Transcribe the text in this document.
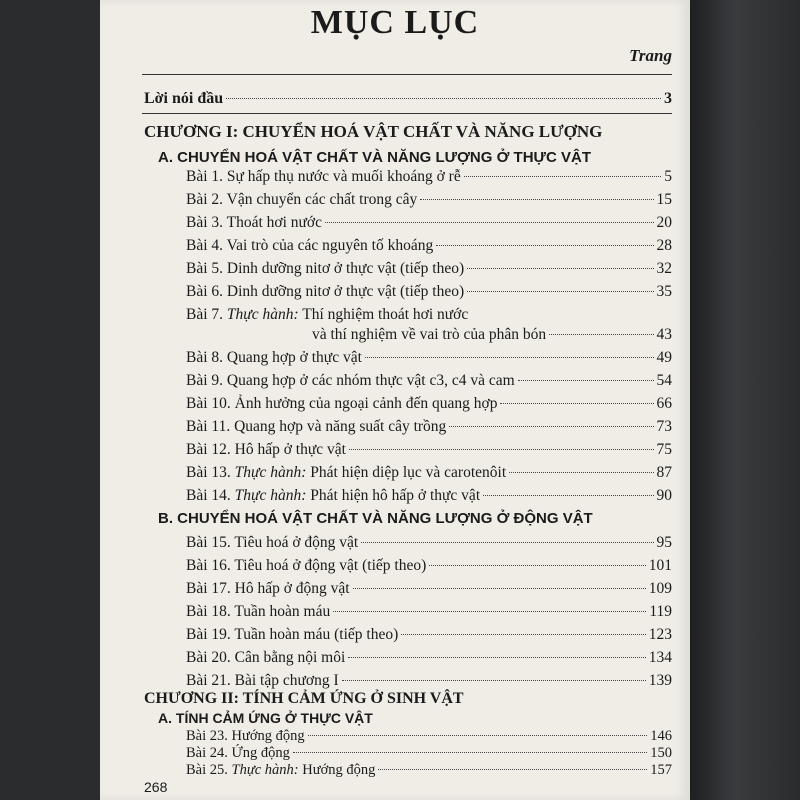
MỤC LỤC
Trang
Lời nói đầu	3
CHƯƠNG I: CHUYỂN HOÁ VẬT CHẤT VÀ NĂNG LƯỢNG
A. CHUYỂN HOÁ VẬT CHẤT VÀ NĂNG LƯỢNG Ở THỰC VẬT
Bài 1. Sự hấp thụ nước và muối khoáng ở rễ	5
Bài 2. Vận chuyển các chất trong cây	15
Bài 3. Thoát hơi nước	20
Bài 4. Vai trò của các nguyên tố khoáng	28
Bài 5. Dinh dưỡng nitơ ở thực vật (tiếp theo)	32
Bài 6. Dinh dưỡng nitơ ở thực vật (tiếp theo)	35
Bài 7. Thực hành: Thí nghiệm thoát hơi nước
và thí nghiệm về vai trò của phân bón	43
Bài 8. Quang hợp ở thực vật	49
Bài 9. Quang hợp ở các nhóm thực vật c3, c4 và cam	54
Bài 10. Ảnh hưởng của ngoại cảnh đến quang hợp	66
Bài 11. Quang hợp và năng suất cây trồng	73
Bài 12. Hô hấp ở thực vật	75
Bài 13. Thực hành: Phát hiện diệp lục và carotenôit	87
Bài 14. Thực hành: Phát hiện hô hấp ở thực vật	90
B. CHUYỂN HOÁ VẬT CHẤT VÀ NĂNG LƯỢNG Ở ĐỘNG VẬT
Bài 15. Tiêu hoá ở động vật	95
Bài 16. Tiêu hoá ở động vật (tiếp theo)	101
Bài 17. Hô hấp ở động vật	109
Bài 18. Tuần hoàn máu	119
Bài 19. Tuần hoàn máu (tiếp theo)	123
Bài 20. Cân bằng nội môi	134
Bài 21. Bài tập chương I	139
CHƯƠNG II: TÍNH CẢM ỨNG Ở SINH VẬT
A. TÍNH CẢM ỨNG Ở THỰC VẬT
Bài 23. Hướng động	146
Bài 24. Ứng động	150
Bài 25. Thực hành: Hướng động	157
268
